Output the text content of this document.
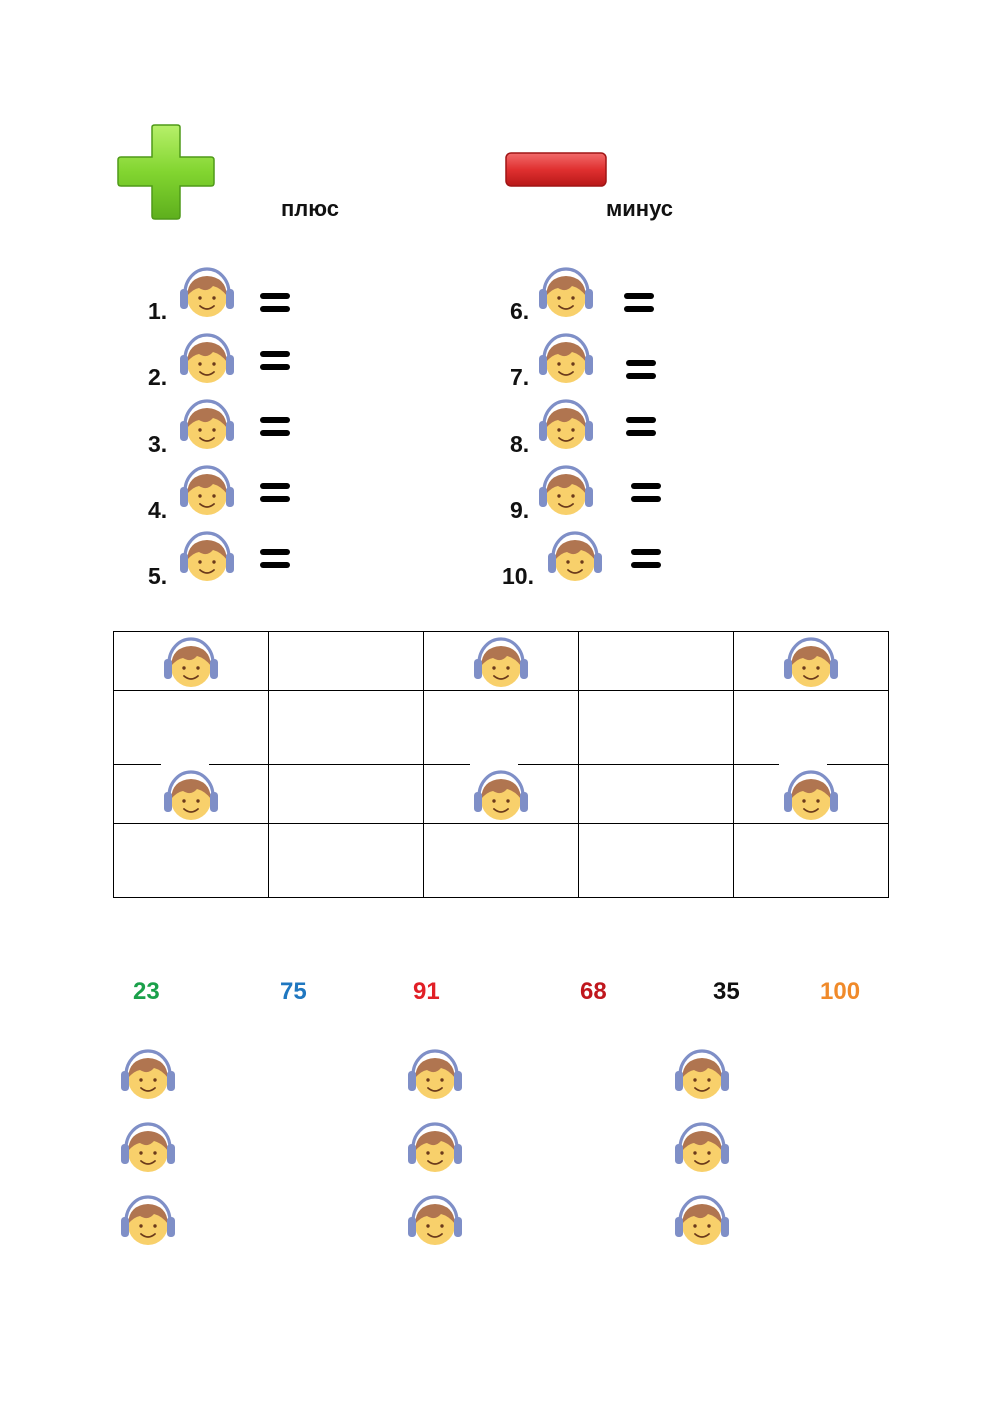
плюс	минус
1.
2.
3.
4.
5.
6.
7.
8.
9.
10.

23	75	91	68	35	100
